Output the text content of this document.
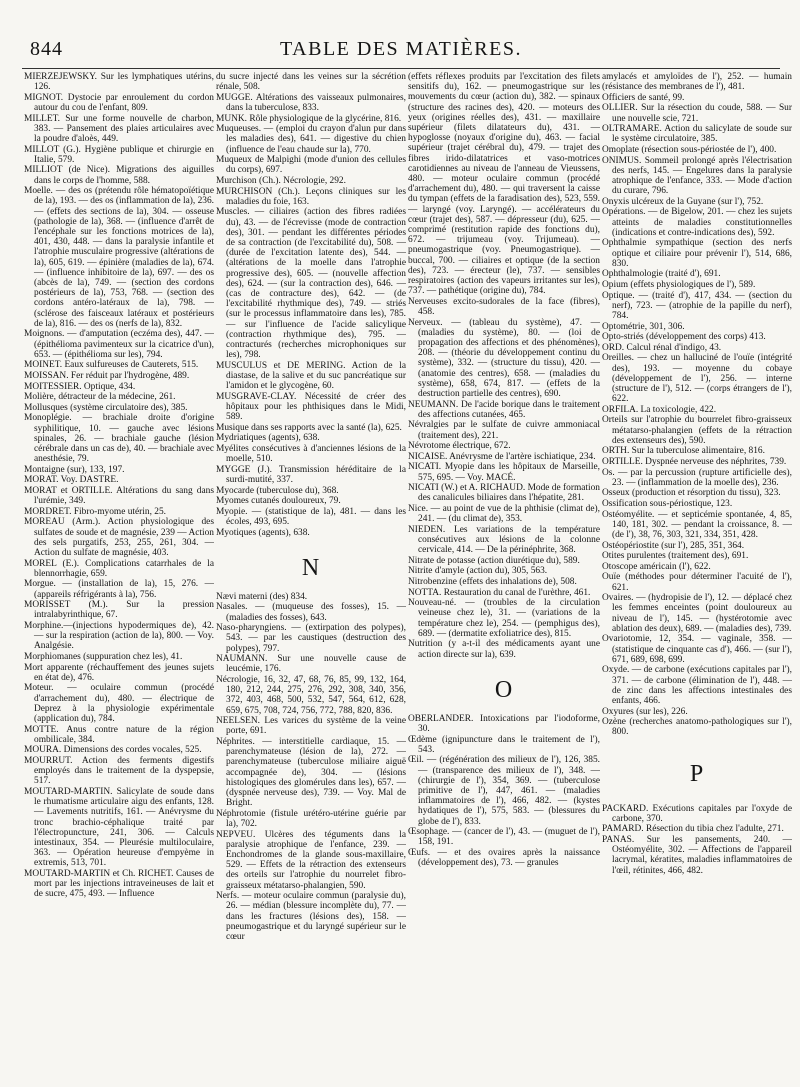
844	TABLE DES MATIÈRES.

MIERZEJEWSKY. Sur les lymphatiques utérins, 126.

MIGNOT. Dystocie par enroulement du cordon autour du cou de l'enfant, 809.

MILLET. Sur une forme nouvelle de charbon, 383. — Pansement des plaies articulaires avec la poudre d'aloès, 449.

MILLOT (G.). Hygiène publique et chirurgie en Italie, 579.

MILLIOT (de Nice). Migrations des aiguilles dans le corps de l'homme, 588.

Moelle. — des os (prétendu rôle hématopoïétique de la), 193. — des os (inflammation de la), 236. — (effets des sections de la), 304. — osseuse (pathologie de la), 368. — (influence d'arrêt de l'encéphale sur les fonctions motrices de la), 401, 430, 448. — dans la paralysie infantile et l'atrophie musculaire progressive (altérations de la), 605, 619. — épinière (maladies de la), 674. — (influence inhibitoire de la), 697. — des os (abcès de la), 749. — (section des cordons postérieurs de la), 753, 768. — (section des cordons antéro-latéraux de la), 798. — (sclérose des faisceaux latéraux et postérieurs de la), 816. — des os (nerfs de la), 832.

Moignons. — d'amputation (eczéma des), 447. — (épithélioma pavimenteux sur la cicatrice d'un), 653. — (épithélioma sur les), 794.

MOINET. Eaux sulfureuses de Cauterets, 515.

MOISSAN. Fer réduit par l'hydrogène, 489.

MOITESSIER. Optique, 434.

Molière, détracteur de la médecine, 261.

Mollusques (système circulatoire des), 385.

Monoplégie. — brachiale droite d'origine syphilitique, 10. — gauche avec lésions spinales, 26. — brachiale gauche (lésion cérébrale dans un cas de), 40. — brachiale avec anesthésie, 79.

Montaigne (sur), 133, 197.

MORAT. Voy. DASTRE.

MORAT et ORTILLE. Altérations du sang dans l'urémie, 349.

MORDRET. Fibro-myome utérin, 25.

MOREAU (Arm.). Action physiologique des sulfates de soude et de magnésie, 239 — Action des sels purgatifs, 253, 255, 261, 304. — Action du sulfate de magnésie, 403.

MOREL (E.). Complications catarrhales de la blennorrhagie, 659.

Morgue. — (installation de la), 15, 276. — (appareils réfrigérants à la), 756.

MORISSET (M.). Sur la pression intralabyrinthique, 67.

Morphine.—(injections hypodermiques de), 42. — sur la respiration (action de la), 800. — Voy. Analgésie.

Morphiomanes (suppuration chez les), 41.

Mort apparente (réchauffement des jeunes sujets en état de), 476.

Moteur. — oculaire commun (procédé d'arrachement du), 480. — électrique de Deprez à la physiologie expérimentale (application du), 784.

MOTTE. Anus contre nature de la région ombilicale, 384.

MOURA. Dimensions des cordes vocales, 525.

MOURRUT. Action des ferments digestifs employés dans le traitement de la dyspepsie, 517.

MOUTARD-MARTIN. Salicylate de soude dans le rhumatisme articulaire aigu des enfants, 128. — Lavements nutritifs, 161. — Anévrysme du tronc brachio-céphalique traité par l'électropuncture, 241, 306. — Calculs intestinaux, 354. — Pleurésie multiloculaire, 363. — Opération heureuse d'empyème in extremis, 513, 701.

MOUTARD-MARTIN et Ch. RICHET. Causes de mort par les injections intraveineuses de lait et de sucre, 475, 493. — Influence

du sucre injecté dans les veines sur la sécrétion rénale, 508.

MUGGE. Altérations des vaisseaux pulmonaires, dans la tuberculose, 833.

MUNK. Rôle physiologique de la glycérine, 816.

Muqueuses. — (emploi du crayon d'alun pur dans les maladies des), 641. — digestive du chien (influence de l'eau chaude sur la), 770.

Muqueux de Malpighi (mode d'union des cellules du corps), 697.

Murchison (Ch.). Nécrologie, 292.

MURCHISON (Ch.). Leçons cliniques sur les maladies du foie, 163.

Muscles. — ciliaires (action des fibres radiées du), 43. — de l'écrevisse (mode de contraction des), 301. — pendant les différentes périodes de sa contraction (de l'excitabilité du), 508. — (durée de l'excitation latente des), 544. — (altérations de la moelle dans l'atrophie progressive des), 605. — (nouvelle affection des), 624. — (sur la contraction des), 646. — (cas de contracture des), 642. — (de l'excitabilité rhythmique des), 749. — striés (sur le processus inflammatoire dans les), 785. — sur l'influence de l'acide salicylique (contraction rhythmique des), 795. — contracturés (recherches microphoniques sur les), 798.

MUSCULUS et DE MERING. Action de la diastase, de la salive et du suc pancréatique sur l'amidon et le glycogène, 60.

MUSGRAVE-CLAY. Nécessité de créer des hôpitaux pour les phthisiques dans le Midi, 589.

Musique dans ses rapports avec la santé (la), 625.

Mydriatiques (agents), 638.

Myélites consécutives à d'anciennes lésions de la moelle, 510.

MYGGE (J.). Transmission héréditaire de la surdi-mutité, 337.

Myocarde (tuberculose du), 368.

Myomes cutanés douloureux, 79.

Myopie. — (statistique de la), 481. — dans les écoles, 493, 695.

Myotiques (agents), 638.

N

Nævi materni (des) 834.

Nasales. — (muqueuse des fosses), 15. — (maladies des fosses), 643.

Naso-pharyngiens. — (extirpation des polypes), 543. — par les caustiques (destruction des polypes), 797.

NAUMANN. Sur une nouvelle cause de leucémie, 176.

Nécrologie, 16, 32, 47, 68, 76, 85, 99, 132, 164, 180, 212, 244, 275, 276, 292, 308, 340, 356, 372, 403, 468, 500, 532, 547, 564, 612, 628, 659, 675, 708, 724, 756, 772, 788, 820, 836.

NEELSEN. Les varices du système de la veine porte, 691.

Néphrites. — interstitielle cardiaque, 15. — parenchymateuse (lésion de la), 272. — parenchymateuse (tuberculose miliaire aiguë accompagnée de), 304. — (lésions histologiques des glomérules dans les), 657. — (dyspnée nerveuse des), 739. — Voy. Mal de Bright.

Néphrotomie (fistule urétéro-utérine guérie par la), 702.

NEPVEU. Ulcères des téguments dans la paralysie atrophique de l'enfance, 239. — Enchondromes de la glande sous-maxillaire, 529. — Effets de la rétraction des extenseurs des orteils sur l'atrophie du nourrelet fibro-graisseux métatarso-phalangien, 590.

Nerfs. — moteur oculaire commun (paralysie du), 26. — médian (blessure incomplète du), 77. — dans les fractures (lésions des), 158. — pneumogastrique et du laryngé supérieur sur le cœur

(effets réflexes produits par l'excitation des filets sensitifs du), 162. — pneumogastrique sur les mouvements du cœur (action du), 382. — spinaux (structure des racines des), 420. — moteurs des yeux (origines réelles des), 431. — maxillaire supérieur (filets dilatateurs du), 431. — hypoglosse (noyaux d'origine du), 463. — facial supérieur (trajet cérébral du), 479. — trajet des fibres irido-dilatatrices et vaso-motrices carotidiennes au niveau de l'anneau de Vieussens, 480. — moteur oculaire commun (procédé d'arrachement du), 480. — qui traversent la caisse du tympan (effets de la faradisation des), 523, 559. — laryngé (voy. Laryngé). — accélérateurs du cœur (trajet des), 587. — dépresseur (du), 625. — comprimé (restitution rapide des fonctions du), 672. — trijumeau (voy. Trijumeau). — pneumogastrique (voy. Pneumogastrique). — buccal, 700. — ciliaires et optique (de la section des), 723. — érecteur (le), 737. — sensibles respiratoires (action des vapeurs irritantes sur les), 737. — pathétique (origine du), 784.

Nerveuses excito-sudorales de la face (fibres), 458.

Nerveux. — (tableau du système), 47. — (maladies du système), 80. — (loi de propagation des affections et des phénomènes), 208. — (théorie du développement continu du système), 332. — (structure du tissu), 420. — (anatomie des centres), 658. — (maladies du système), 658, 674, 817. — (effets de la destruction partielle des centres), 690.

NEUMANN. De l'acide borique dans le traitement des affections cutanées, 465.

Névralgies par le sulfate de cuivre ammoniacal (traitement des), 221.

Névrotome électrique, 672.

NICAISE. Anévrysme de l'artère ischiatique, 234.

NICATI. Myopie dans les hôpitaux de Marseille, 575, 695. — Voy. MACÉ.

NICATI (W.) et A. RICHAUD. Mode de formation des canalicules biliaires dans l'hépatite, 281.

Nice. — au point de vue de la phthisie (climat de), 241. — (du climat de), 353.

NIEDEN. Les variations de la température consécutives aux lésions de la colonne cervicale, 414. — De la périnéphrite, 368.

Nitrate de potasse (action diurétique du), 589.

Nitrite d'amyle (action du), 305, 563.

Nitrobenzine (effets des inhalations de), 508.

NOTTA. Restauration du canal de l'urèthre, 461.

Nouveau-né. — (troubles de la circulation veineuse chez le), 31. — (variations de la température chez le), 254. — (pemphigus des), 689. — (dermatite exfoliatrice des), 815.

Nutrition (y a-t-il des médicaments ayant une action directe sur la), 639.

O

OBERLANDER. Intoxications par l'iodoforme, 30.

Œdème (ignipuncture dans le traitement de l'), 543.

Œil. — (régénération des milieux de l'), 126, 385. — (transparence des milieux de l'), 348. — (chirurgie de l'), 354, 369. — (tuberculose primitive de l'), 447, 461. — (maladies inflammatoires de l'), 466, 482. — (kystes hydatiques de l'), 575, 583. — (blessures du globe de l'), 833.

Œsophage. — (cancer de l'), 43. — (muguet de l'), 158, 191.

Œufs. — et des ovaires après la naissance (développement des), 73. — granules

amylacés et amyloïdes de l'), 252. — humain (résistance des membranes de l'), 481.

Officiers de santé, 99.

OLLIER. Sur la résection du coude, 588. — Sur une nouvelle scie, 721.

OLTRAMARE. Action du salicylate de soude sur le système circulatoire, 385.

Omoplate (résection sous-périostée de l'), 400.

ONIMUS. Sommeil prolongé après l'électrisation des nerfs, 145. — Engelures dans la paralysie atrophique de l'enfance, 333. — Mode d'action du curare, 796.

Onyxis ulcéreux de la Guyane (sur l'), 752.

Opérations. — de Bigelow, 201. — chez les sujets atteints de maladies constitutionnelles (indications et contre-indications des), 592.

Ophthalmie sympathique (section des nerfs optique et ciliaire pour prévenir l'), 514, 686, 830.

Ophthalmologie (traité d'), 691.

Opium (effets physiologiques de l'), 589.

Optique. — (traité d'), 417, 434. — (section du nerf), 723. — (atrophie de la papille du nerf), 784.

Optométrie, 301, 306.

Opto-striés (développement des corps) 413.

ORD. Calcul rénal d'indigo, 43.

Oreilles. — chez un halluciné de l'ouïe (intégrité des), 193. — moyenne du cobaye (développement de l'), 256. — interne (structure de l'), 512. — (corps étrangers de l'), 622.

ORFILA. La toxicologie, 422.

Orteils sur l'atrophie du bourrelet fibro-graisseux métatarso-phalangien (effets de la rétraction des extenseurs des), 590.

ORTH. Sur la tuberculose alimentaire, 816.

ORTILLE. Dyspnée nerveuse des néphrites, 739.

Os. — par la percussion (rupture artificielle des), 23. — (inflammation de la moelle des), 236.

Osseux (production et résorption du tissu), 323.

Ossification sous-périostique, 123.

Ostéomyélite. — et septicémie spontanée, 4, 85, 140, 181, 302. — pendant la croissance, 8. — (de l'), 38, 76, 303, 321, 334, 351, 428.

Ostéopériostite (sur l'), 285, 351, 364.

Otites purulentes (traitement des), 691.

Otoscope américain (l'), 622.

Ouïe (méthodes pour déterminer l'acuité de l'), 621.

Ovaires. — (hydropisie de l'), 12. — déplacé chez les femmes enceintes (point douloureux au niveau de l'), 145. — (hystérotomie avec ablation des deux), 689. — (maladies des), 739.

Ovariotomie, 12, 354. — vaginale, 358. — (statistique de cinquante cas d'), 466. — (sur l'), 671, 689, 698, 699.

Oxyde. — de carbone (exécutions capitales par l'), 371. — de carbone (élimination de l'), 448. — de zinc dans les affections intestinales des enfants, 466.

Oxyures (sur les), 226.

Ozène (recherches anatomo-pathologiques sur l'), 800.

P

PACKARD. Exécutions capitales par l'oxyde de carbone, 370.

PAMARD. Résection du tibia chez l'adulte, 271.

PANAS. Sur les pansements, 240. — Ostéomyélite, 302. — Affections de l'appareil lacrymal, kératites, maladies inflammatoires de l'œil, rétinites, 466, 482.
